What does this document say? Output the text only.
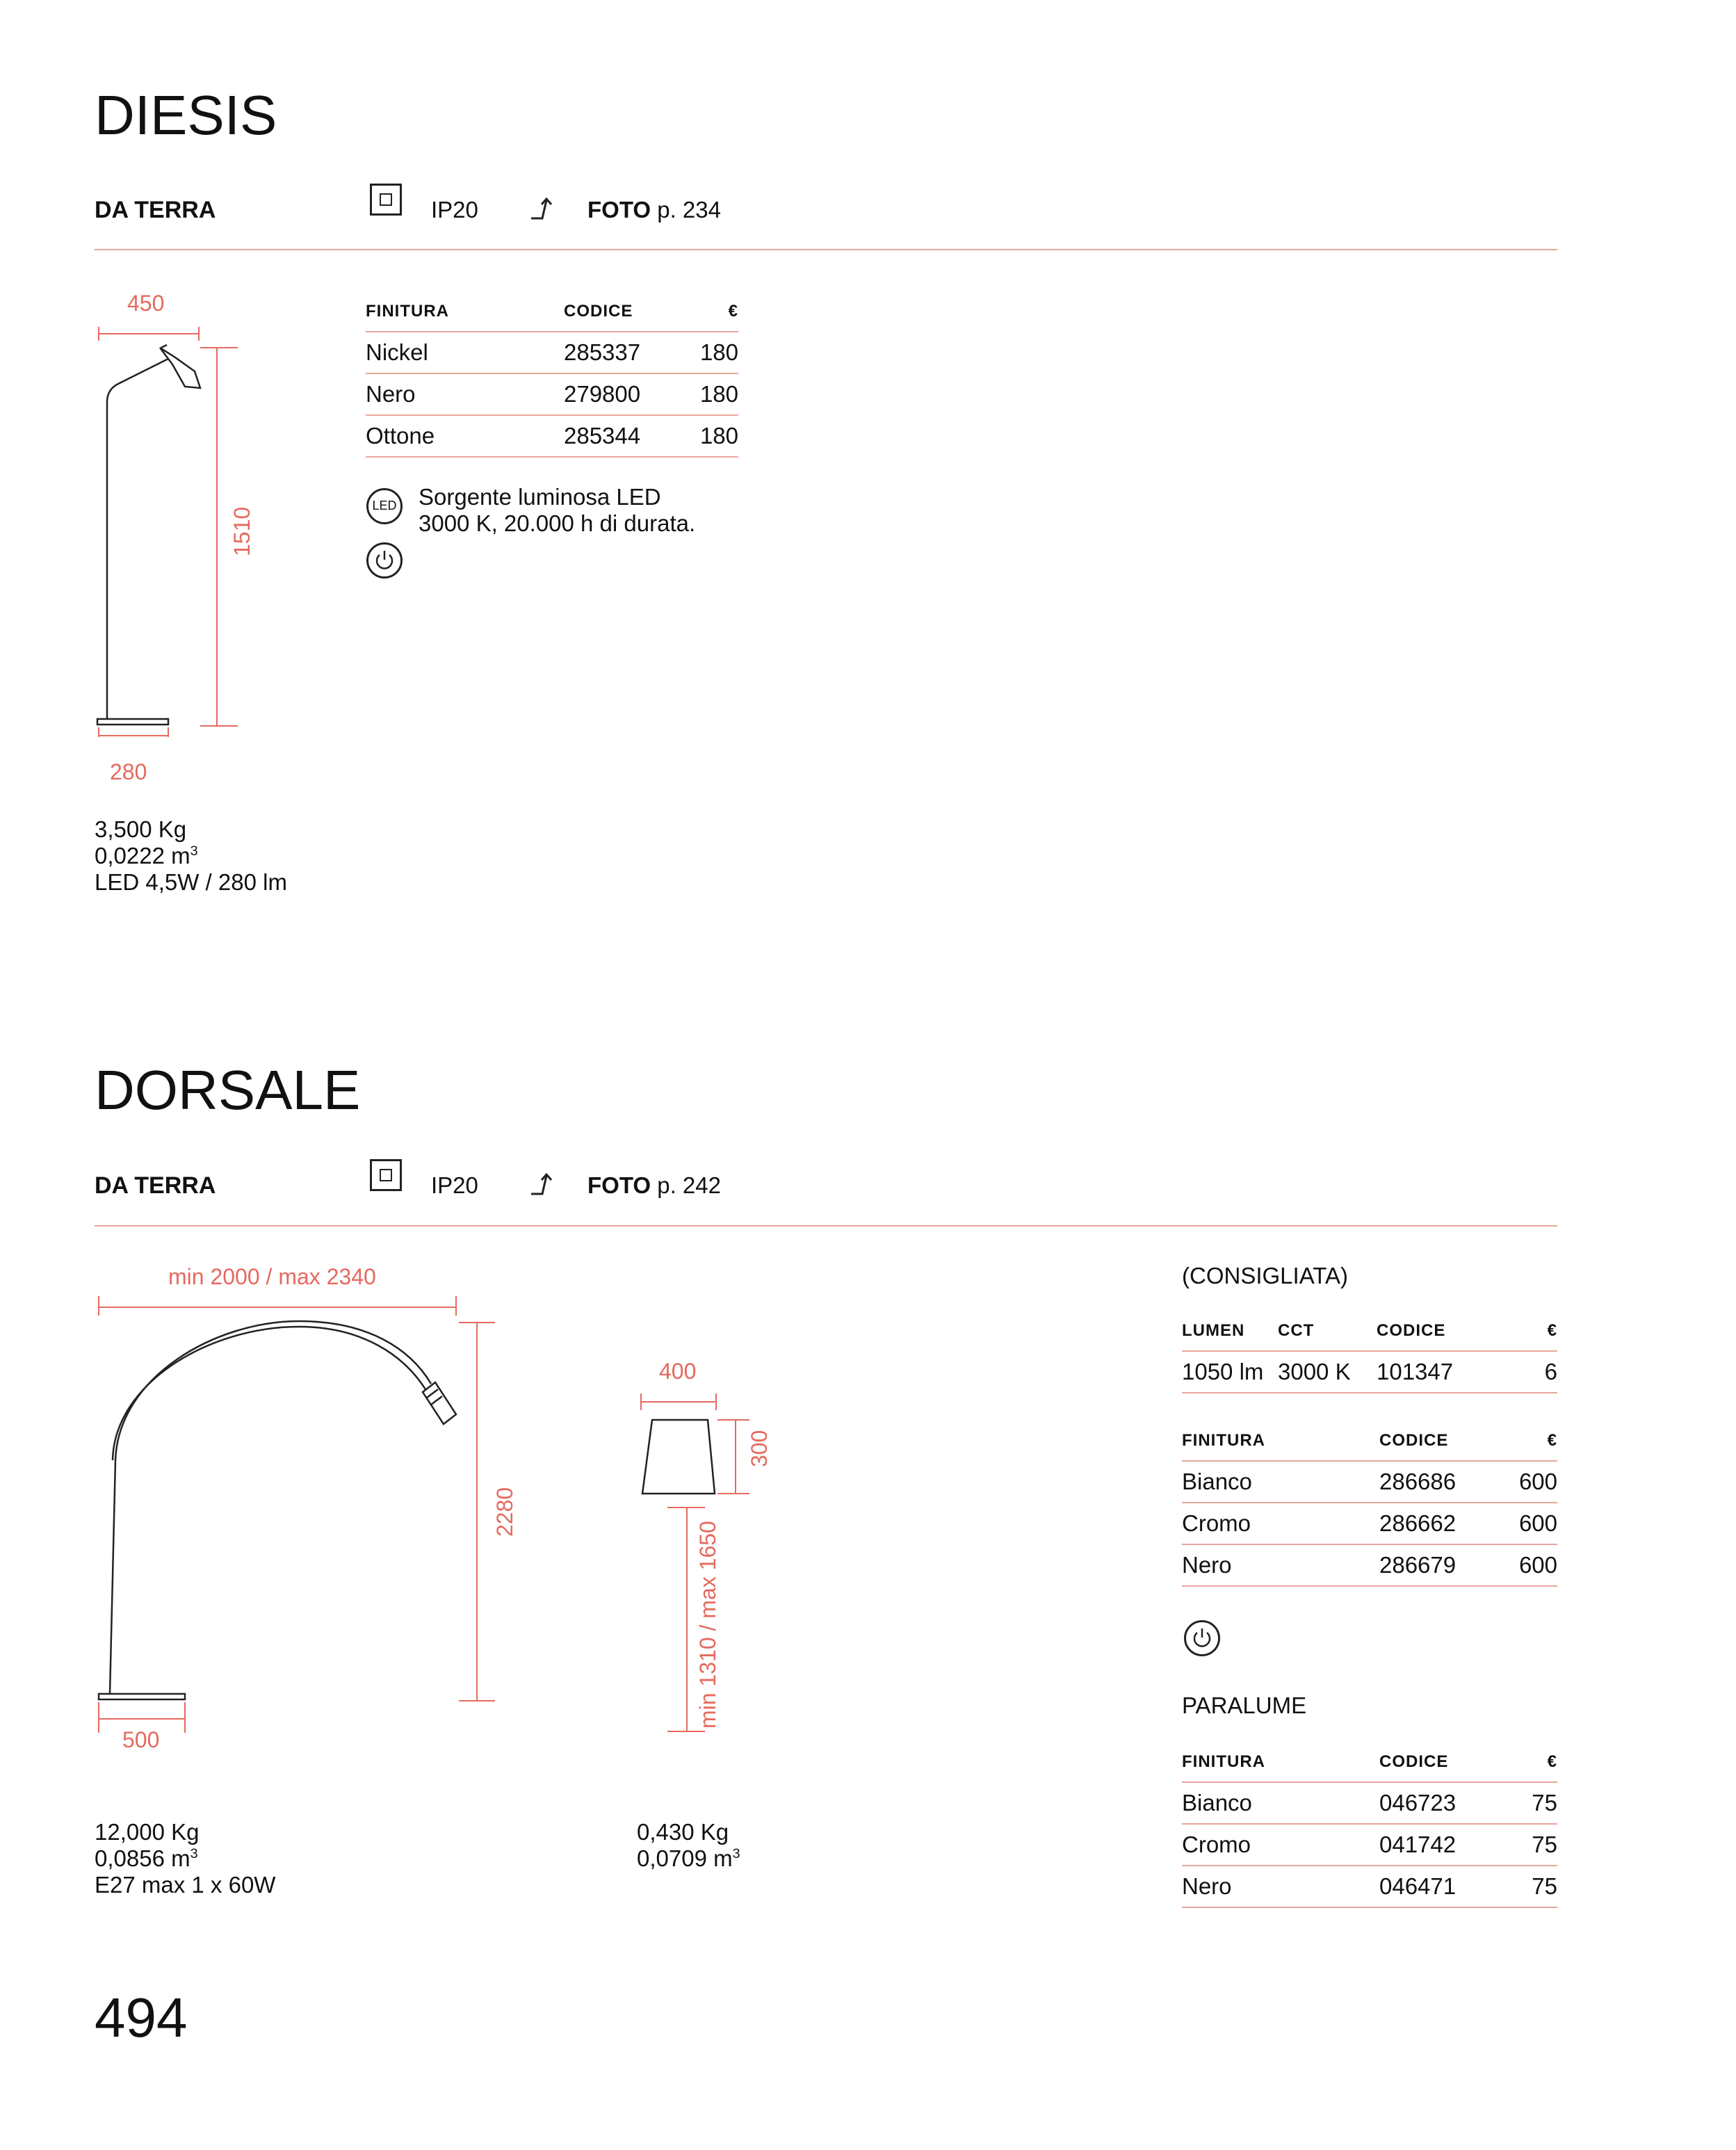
DIESIS
DA TERRA	IP20	FOTO p. 234
450
1510
280
FINITURA	CODICE	€
Nickel	285337	180
Nero	279800	180
Ottone	285344	180
LED Sorgente luminosa LED
3000 K, 20.000 h di durata.
3,500 Kg
0,0222 $m^3$
LED 4,5W / 280 lm
DORSALE
DA TERRA	IP20	FOTO p. 242
min 2000 / max 2340
2280
500
400
300
min 1310 / max 1650
12,000 Kg
0,0856 $m^3$
E27 max 1 x 60W
0,430 Kg
0,0709 $m^3$
(CONSIGLIATA)
LUMEN	CCT	CODICE	€
1050 lm	3000 K	101347	6
FINITURA	CODICE	€
Bianco	286686	600
Cromo	286662	600
Nero	286679	600
PARALUME
FINITURA	CODICE	€
Bianco	046723	75
Cromo	041742	75
Nero	046471	75
494
